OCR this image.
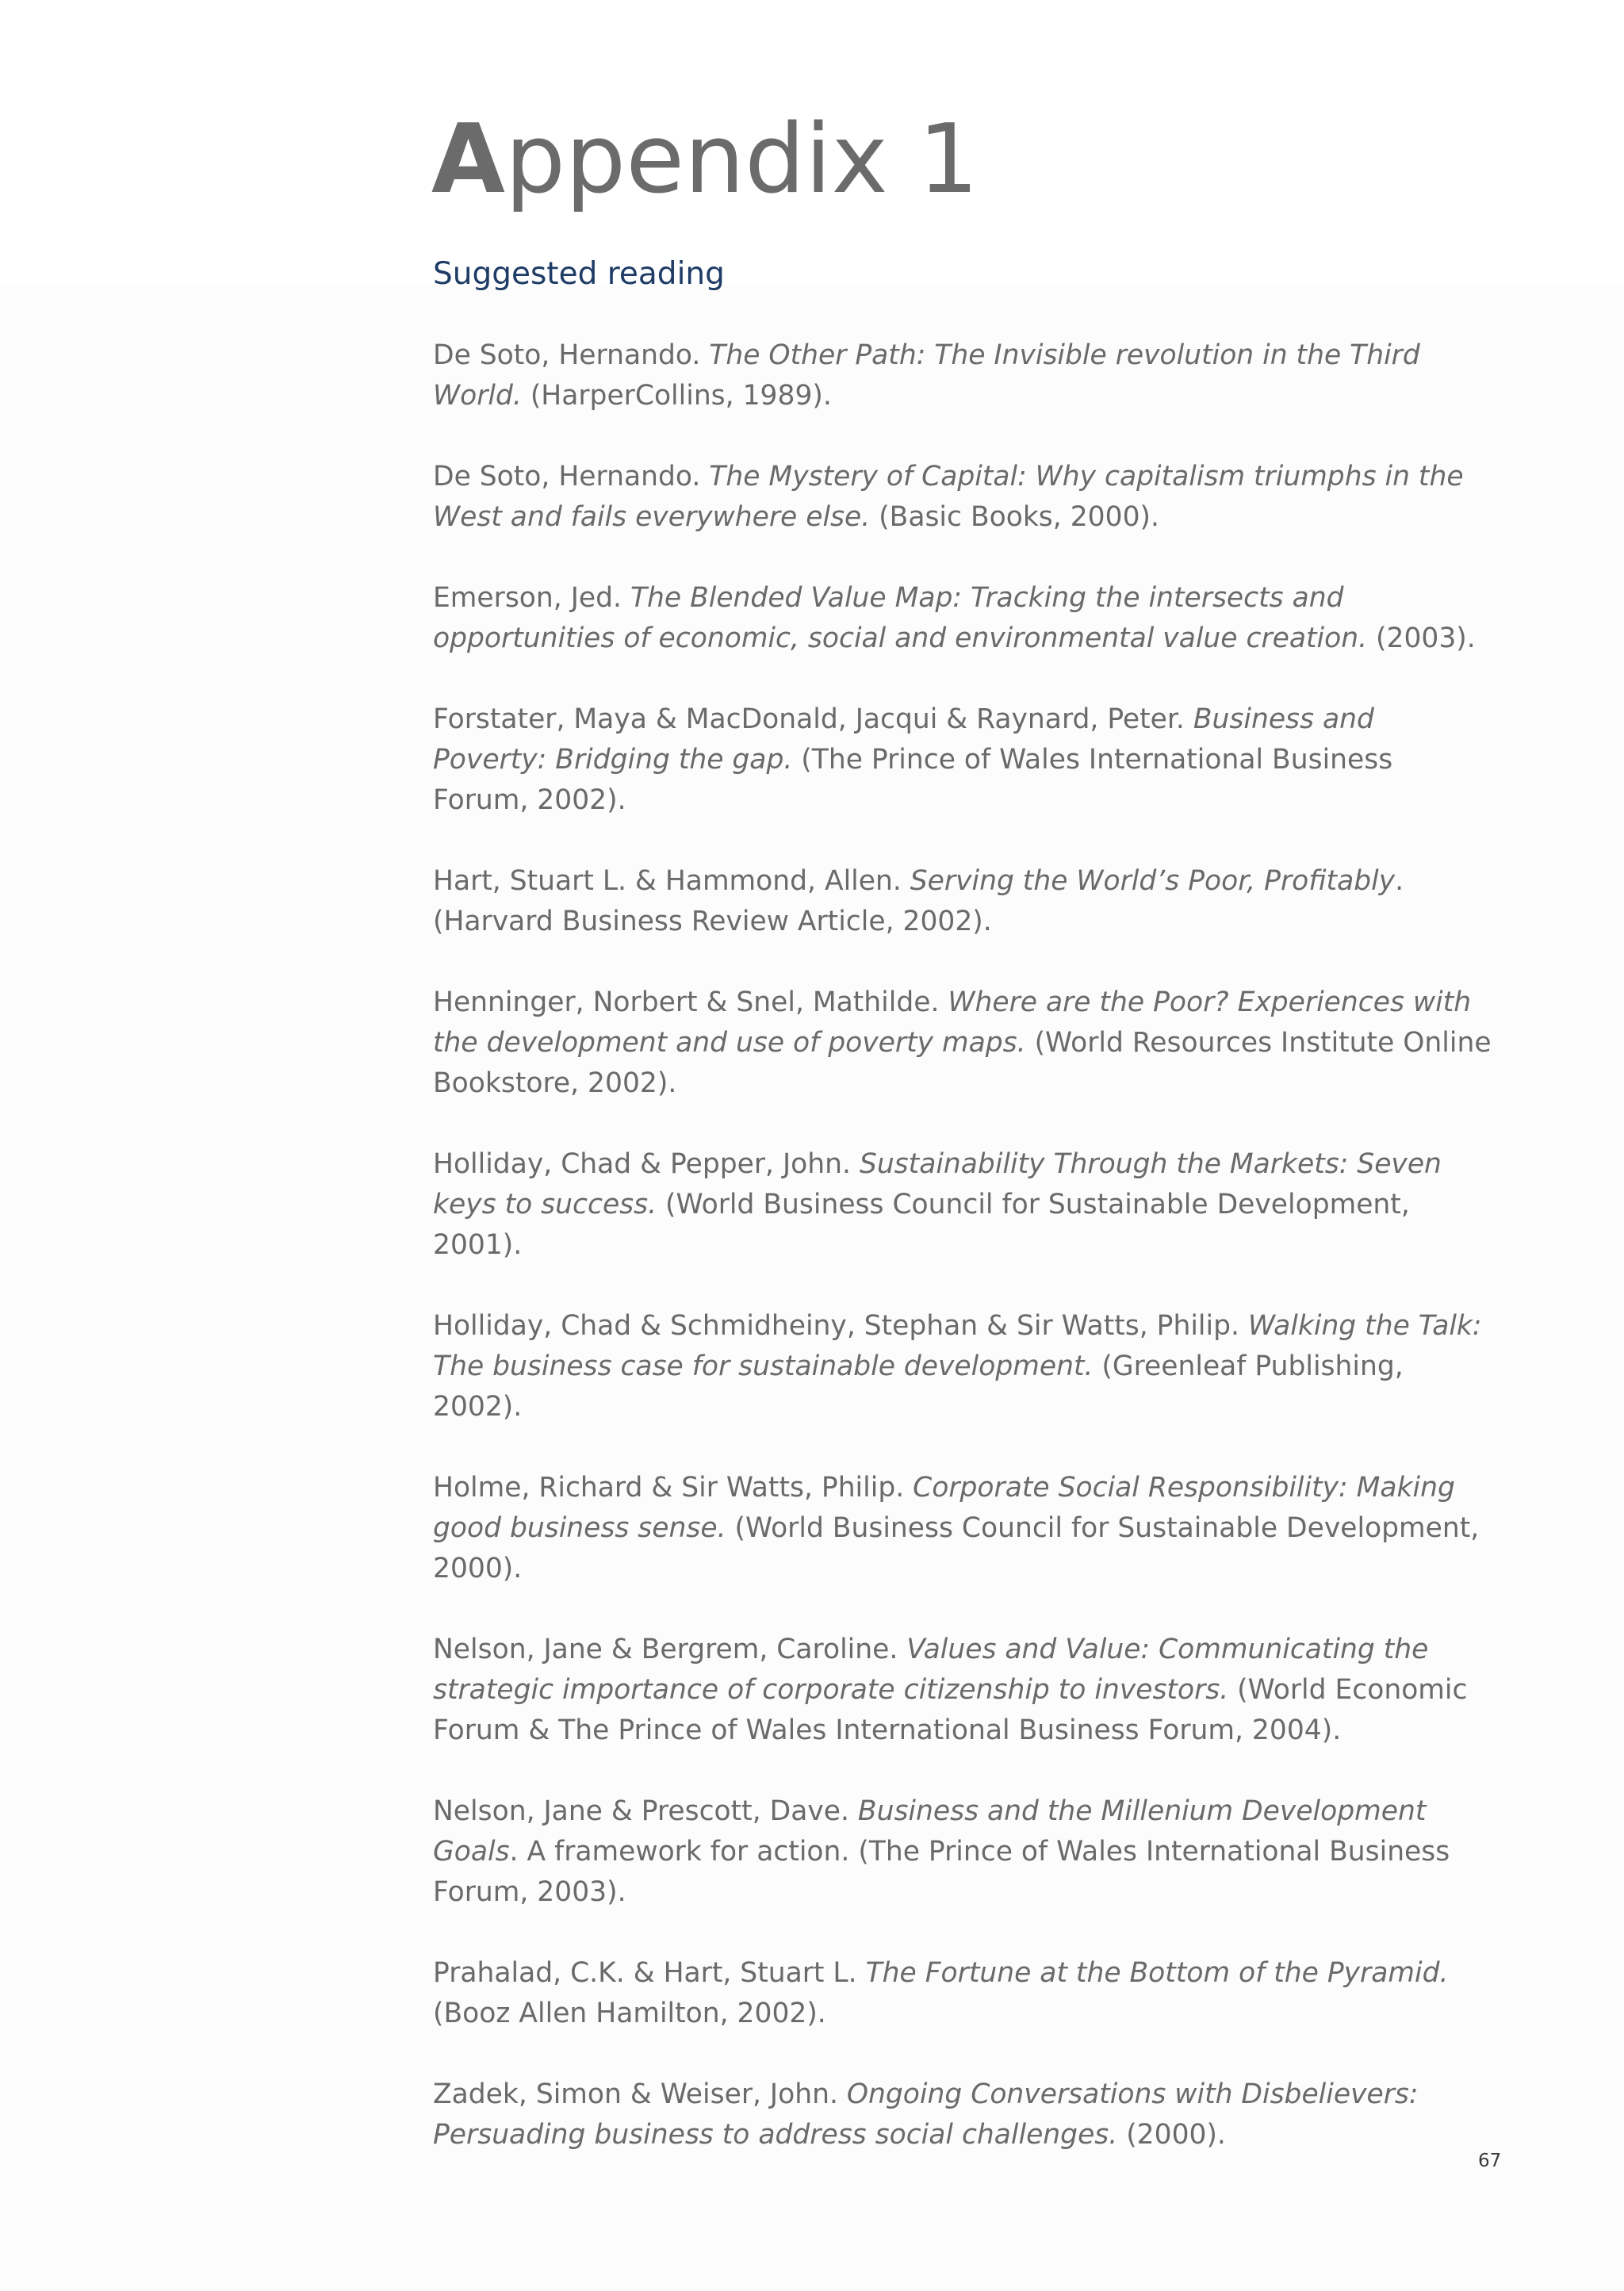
Appendix 1
Suggested reading
De Soto, Hernando. The Other Path: The Invisible revolution in the Third World. (HarperCollins, 1989).
De Soto, Hernando. The Mystery of Capital: Why capitalism triumphs in the West and fails everywhere else. (Basic Books, 2000).
Emerson, Jed. The Blended Value Map: Tracking the intersects and opportunities of economic, social and environmental value creation. (2003).
Forstater, Maya & MacDonald, Jacqui & Raynard, Peter. Business and Poverty: Bridging the gap. (The Prince of Wales International Business Forum, 2002).
Hart, Stuart L. & Hammond, Allen. Serving the World’s Poor, Profitably. (Harvard Business Review Article, 2002).
Henninger, Norbert & Snel, Mathilde. Where are the Poor? Experiences with the development and use of poverty maps. (World Resources Institute Online Bookstore, 2002).
Holliday, Chad & Pepper, John. Sustainability Through the Markets: Seven keys to success. (World Business Council for Sustainable Development, 2001).
Holliday, Chad & Schmidheiny, Stephan & Sir Watts, Philip. Walking the Talk: The business case for sustainable development. (Greenleaf Publishing, 2002).
Holme, Richard & Sir Watts, Philip. Corporate Social Responsibility: Making good business sense. (World Business Council for Sustainable Development, 2000).
Nelson, Jane & Bergrem, Caroline. Values and Value: Communicating the strategic importance of corporate citizenship to investors. (World Economic Forum & The Prince of Wales International Business Forum, 2004).
Nelson, Jane & Prescott, Dave. Business and the Millenium Development Goals. A framework for action. (The Prince of Wales International Business Forum, 2003).
Prahalad, C.K. & Hart, Stuart L. The Fortune at the Bottom of the Pyramid. (Booz Allen Hamilton, 2002).
Zadek, Simon & Weiser, John. Ongoing Conversations with Disbelievers: Persuading business to address social challenges. (2000).
67
